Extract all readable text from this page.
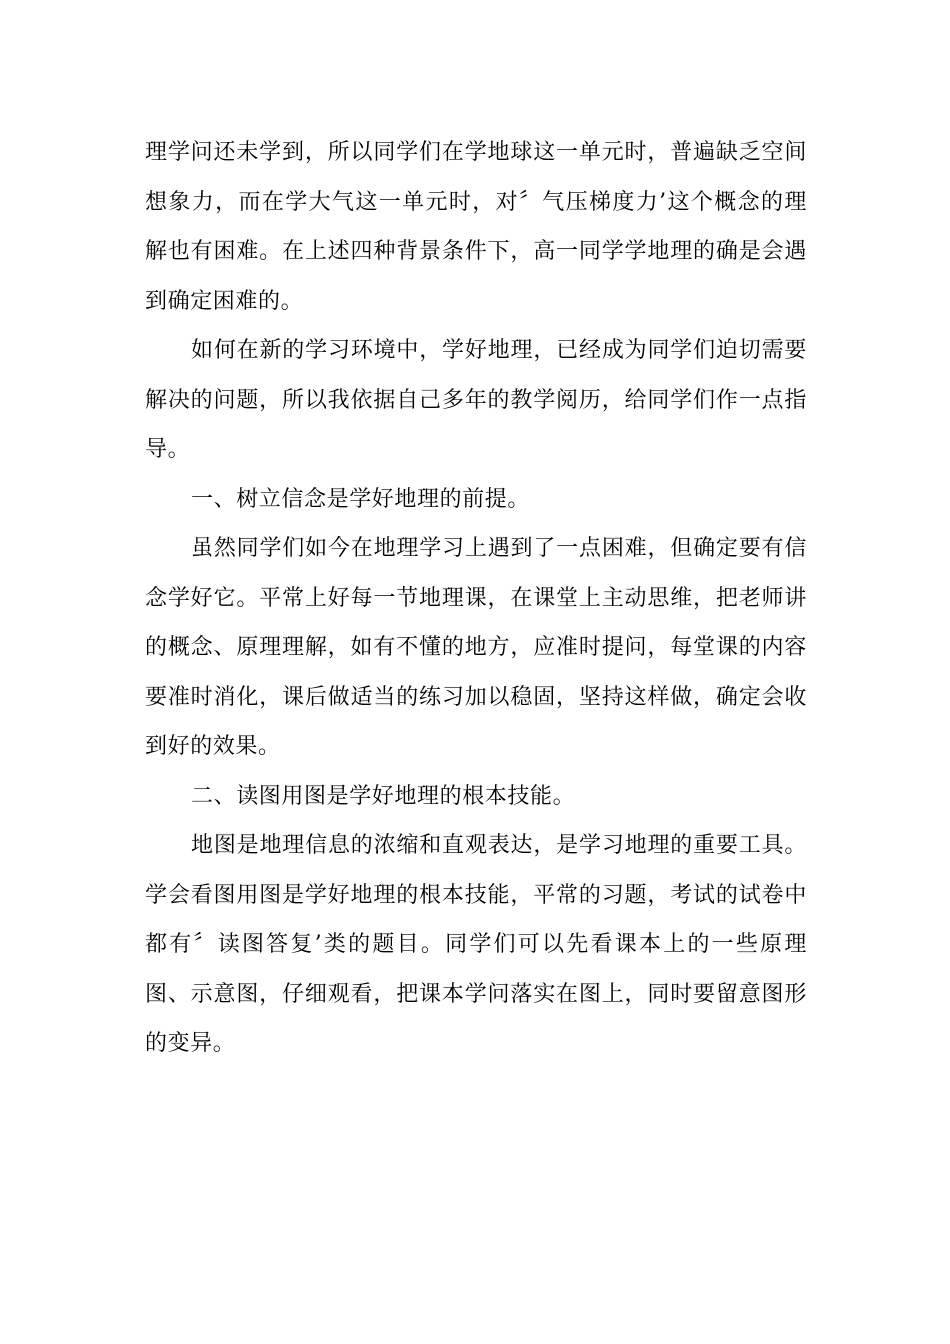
理学问还未学到，所以同学们在学地球这一单元时，普遍缺乏空间想象力，而在学大气这一单元时，对〞气压梯度力’这个概念的理解也有困难。在上述四种背景条件下，高一同学学地理的确是会遇到确定困难的。

如何在新的学习环境中，学好地理，已经成为同学们迫切需要解决的问题，所以我依据自己多年的教学阅历，给同学们作一点指导。

一、树立信念是学好地理的前提。

虽然同学们如今在地理学习上遇到了一点困难，但确定要有信念学好它。平常上好每一节地理课，在课堂上主动思维，把老师讲的概念、原理理解，如有不懂的地方，应准时提问，每堂课的内容要准时消化，课后做适当的练习加以稳固，坚持这样做，确定会收到好的效果。

二、读图用图是学好地理的根本技能。

地图是地理信息的浓缩和直观表达，是学习地理的重要工具。学会看图用图是学好地理的根本技能，平常的习题，考试的试卷中都有〞读图答复’类的题目。同学们可以先看课本上的一些原理图、示意图，仔细观看，把课本学问落实在图上，同时要留意图形的变异。
